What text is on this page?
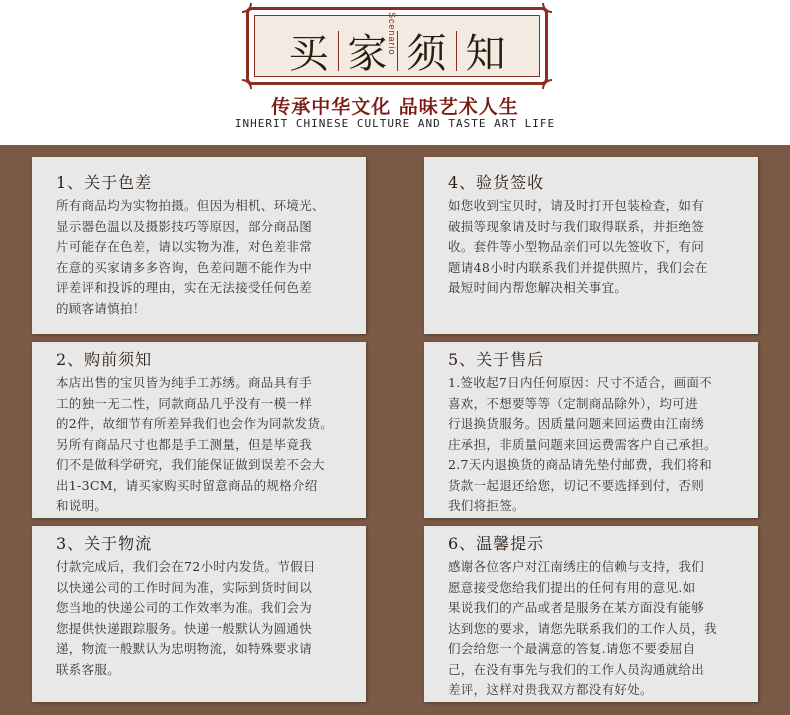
买 家 须 知
Scenario
传承中华文化 品味艺术人生
INHERIT CHINESE CULTURE AND TASTE ART LIFE
1、关于色差
所有商品均为实物拍摄。但因为相机、环境光、
显示器色温以及摄影技巧等原因，部分商品图
片可能存在色差，请以实物为准，对色差非常
在意的买家请多多咨询，色差问题不能作为中
评差评和投诉的理由，实在无法接受任何色差
的顾客请慎拍！
4、验货签收
如您收到宝贝时，请及时打开包装检查，如有
破损等现象请及时与我们取得联系，并拒绝签
收。套件等小型物品亲们可以先签收下，有问
题请48小时内联系我们并提供照片，我们会在
最短时间内帮您解决相关事宜。
2、购前须知
本店出售的宝贝皆为纯手工苏绣。商品具有手
工的独一无二性，同款商品几乎没有一模一样
的2件，故细节有所差异我们也会作为同款发货。
另所有商品尺寸也都是手工测量，但是毕竟我
们不是做科学研究，我们能保证做到误差不会大
出1-3CM，请买家购买时留意商品的规格介绍
和说明。
5、关于售后
1.签收起7日内任何原因：尺寸不适合，画面不
喜欢，不想要等等（定制商品除外），均可进
行退换货服务。因质量问题来回运费由江南绣
庄承担，非质量问题来回运费需客户自己承担。
2.7天内退换货的商品请先垫付邮费，我们将和
货款一起退还给您，切记不要选择到付，否则
我们将拒签。
3、关于物流
付款完成后，我们会在72小时内发货。节假日
以快递公司的工作时间为准，实际到货时间以
您当地的快递公司的工作效率为准。我们会为
您提供快递跟踪服务。快递一般默认为圆通快
递，物流一般默认为忠明物流，如特殊要求请
联系客服。
6、温馨提示
感谢各位客户对江南绣庄的信赖与支持，我们
愿意接受您给我们提出的任何有用的意见.如
果说我们的产品或者是服务在某方面没有能够
达到您的要求，请您先联系我们的工作人员，我
们会给您一个最满意的答复.请您不要委屈自
己，在没有事先与我们的工作人员沟通就给出
差评，这样对贵我双方都没有好处。
